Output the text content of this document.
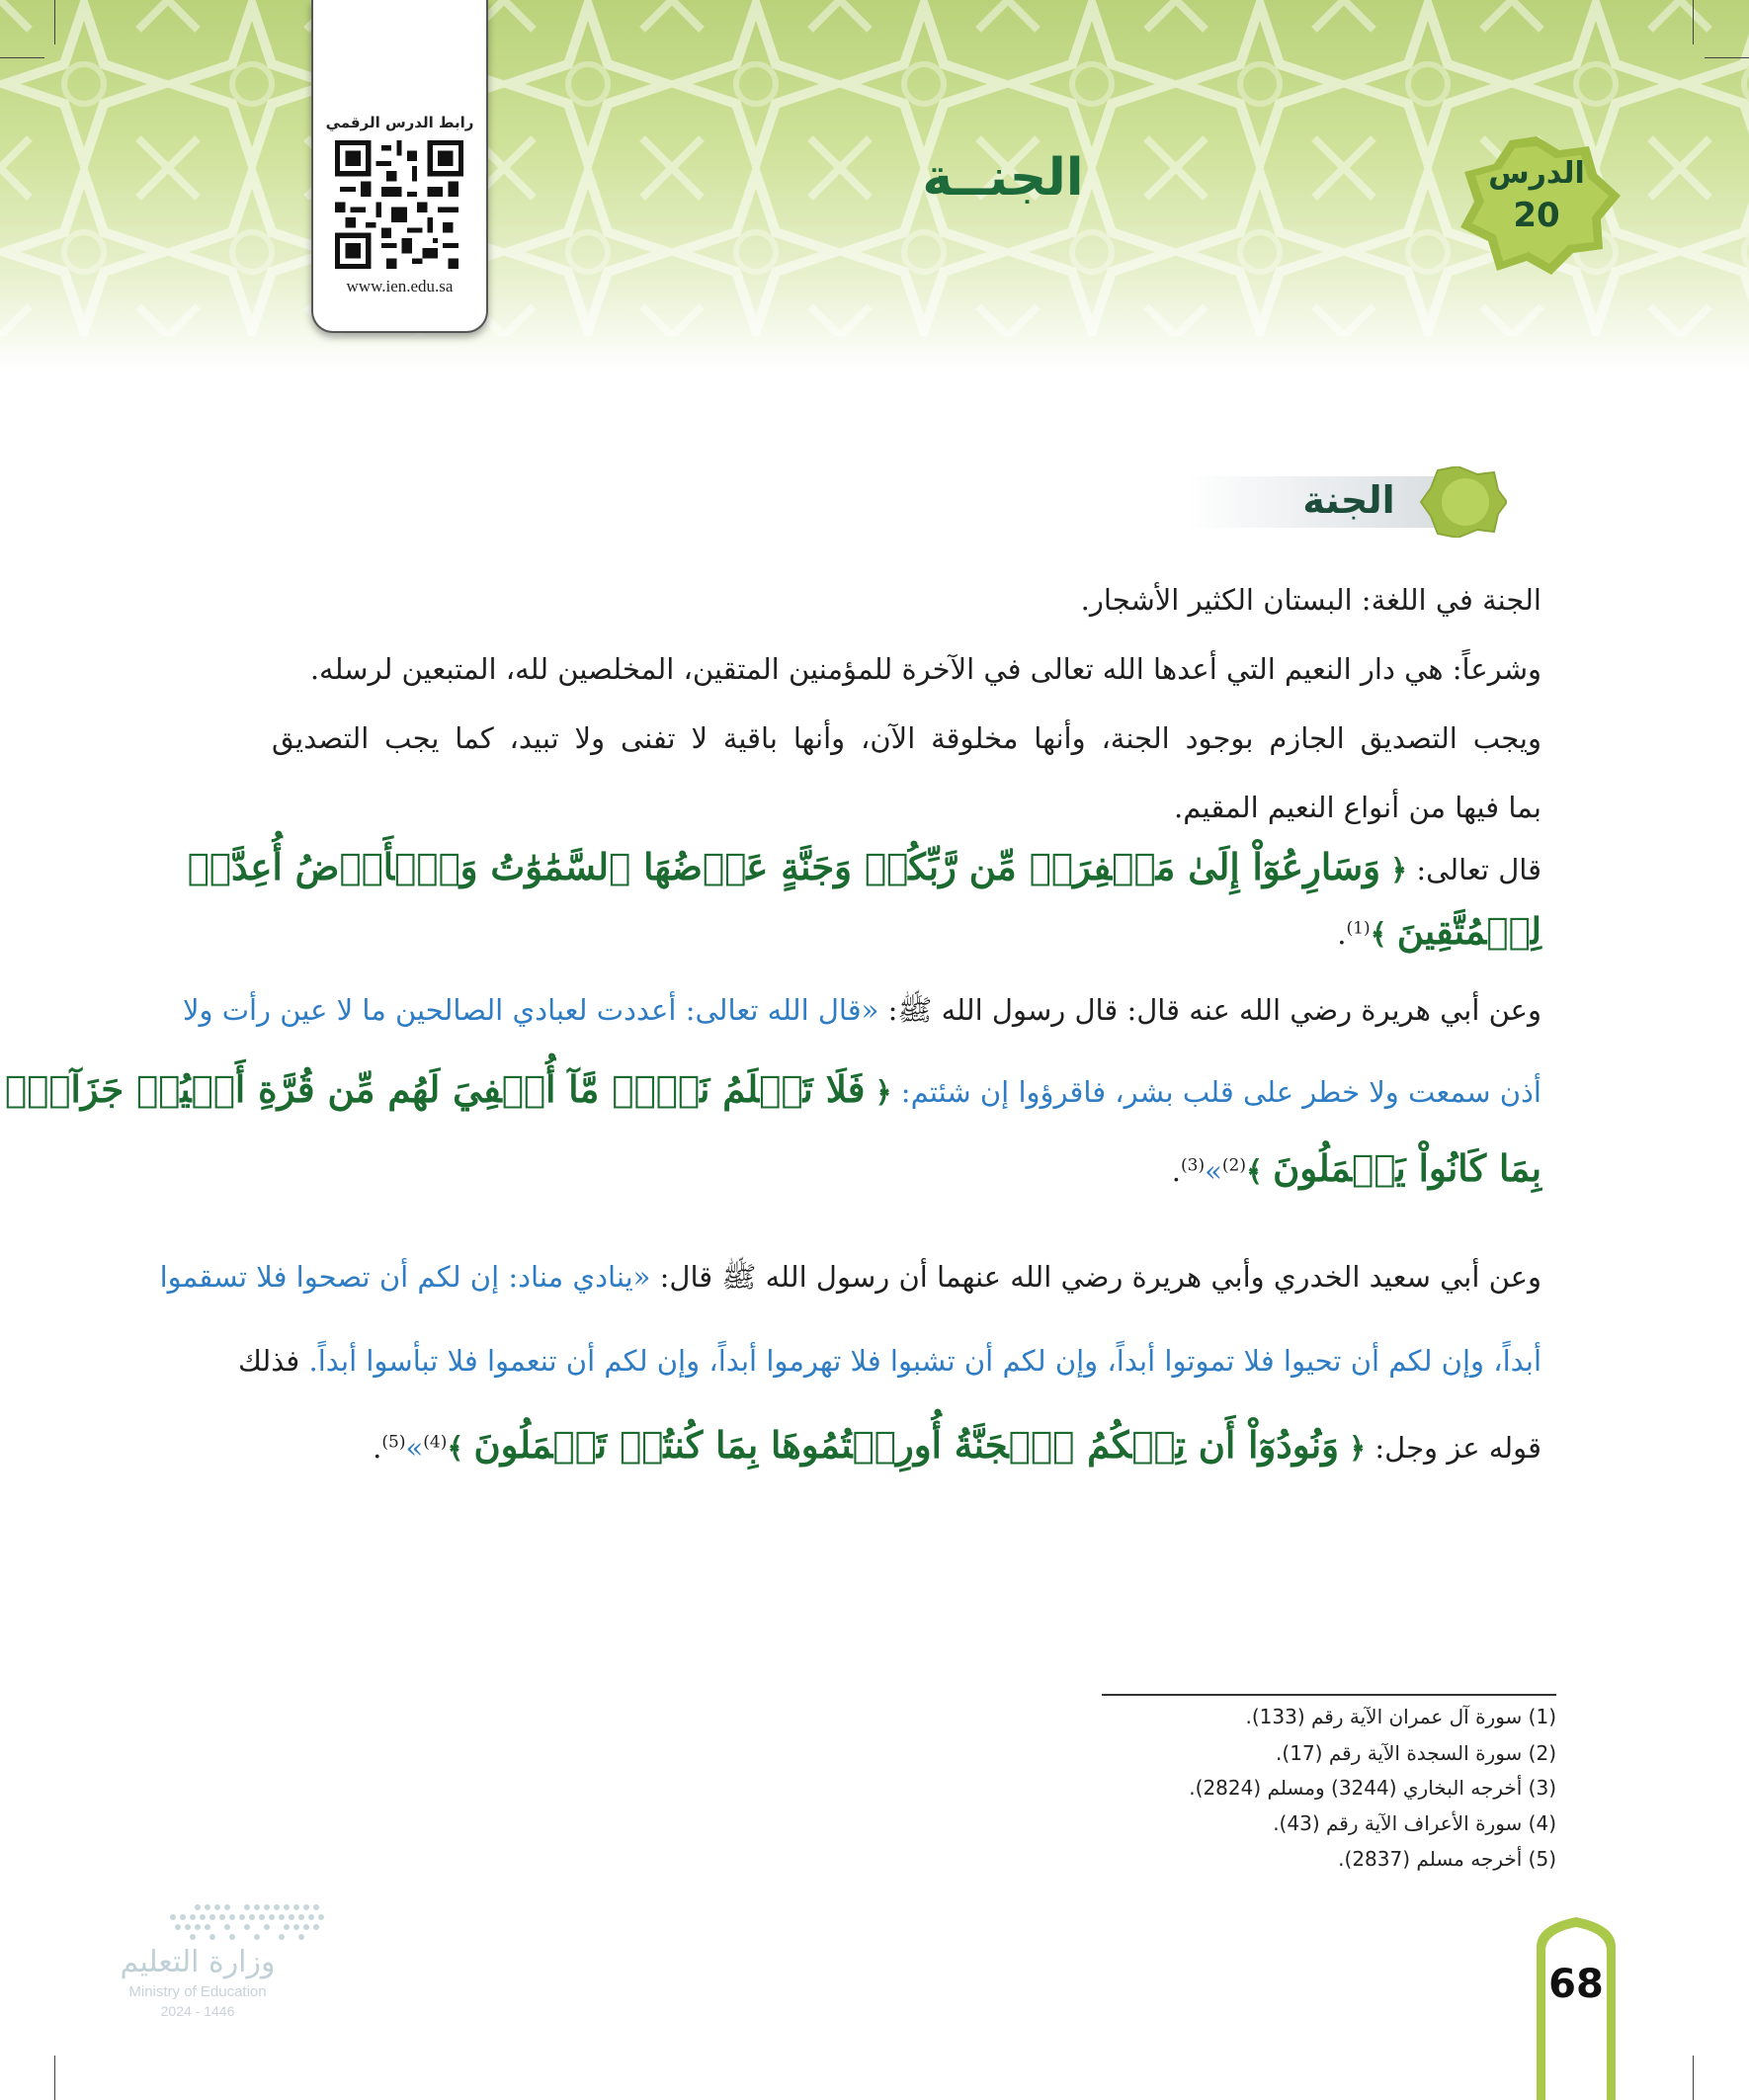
رابط الدرس الرقمي
www.ien.edu.sa
الجنــة	الدرس
20
الجنة
الجنة في اللغة: البستان الكثير الأشجار.
وشرعاً: هي دار النعيم التي أعدها الله تعالى في الآخرة للمؤمنين المتقين، المخلصين لله، المتبعين لرسله.
ويجب التصديق الجازم بوجود الجنة، وأنها مخلوقة الآن، وأنها باقية لا تفنى ولا تبيد، كما يجب التصديق
بما فيها من أنواع النعيم المقيم.
قال تعالى: ﴿ وَسَارِعُوٓاْ إِلَىٰ مَغۡفِرَةٖ مِّن رَّبِّكُمۡ وَجَنَّةٍ عَرۡضُهَا ٱلسَّمَٰوَٰتُ وَٱلۡأَرۡضُ أُعِدَّتۡ
لِلۡمُتَّقِينَ ﴾$^{(1)}$.
وعن أبي هريرة رضي الله عنه قال: قال رسول الله ﷺ: «قال الله تعالى: أعددت لعبادي الصالحين ما لا عين رأت ولا
أذن سمعت ولا خطر على قلب بشر، فاقرؤوا إن شئتم: ﴿ فَلَا تَعۡلَمُ نَفۡسٞ مَّآ أُخۡفِيَ لَهُم مِّن قُرَّةِ أَعۡيُنٖ جَزَآءَۢ
بِمَا كَانُواْ يَعۡمَلُونَ ﴾$^{(2)}$»$^{(3)}$.
وعن أبي سعيد الخدري وأبي هريرة رضي الله عنهما أن رسول الله ﷺ قال: «ينادي مناد: إن لكم أن تصحوا فلا تسقموا
أبداً، وإن لكم أن تحيوا فلا تموتوا أبداً، وإن لكم أن تشبوا فلا تهرموا أبداً، وإن لكم أن تنعموا فلا تبأسوا أبداً. فذلك
قوله عز وجل: ﴿ وَنُودُوٓاْ أَن تِلۡكُمُ ٱلۡجَنَّةُ أُورِثۡتُمُوهَا بِمَا كُنتُمۡ تَعۡمَلُونَ ﴾$^{(4)}$»$^{(5)}$.
(1) سورة آل عمران الآية رقم (133).
(2) سورة السجدة الآية رقم (17).
(3) أخرجه البخاري (3244) ومسلم (2824).
(4) سورة الأعراف الآية رقم (43).
(5) أخرجه مسلم (2837).
وزارة التعليم
Ministry of Education
2024 - 1446
68
